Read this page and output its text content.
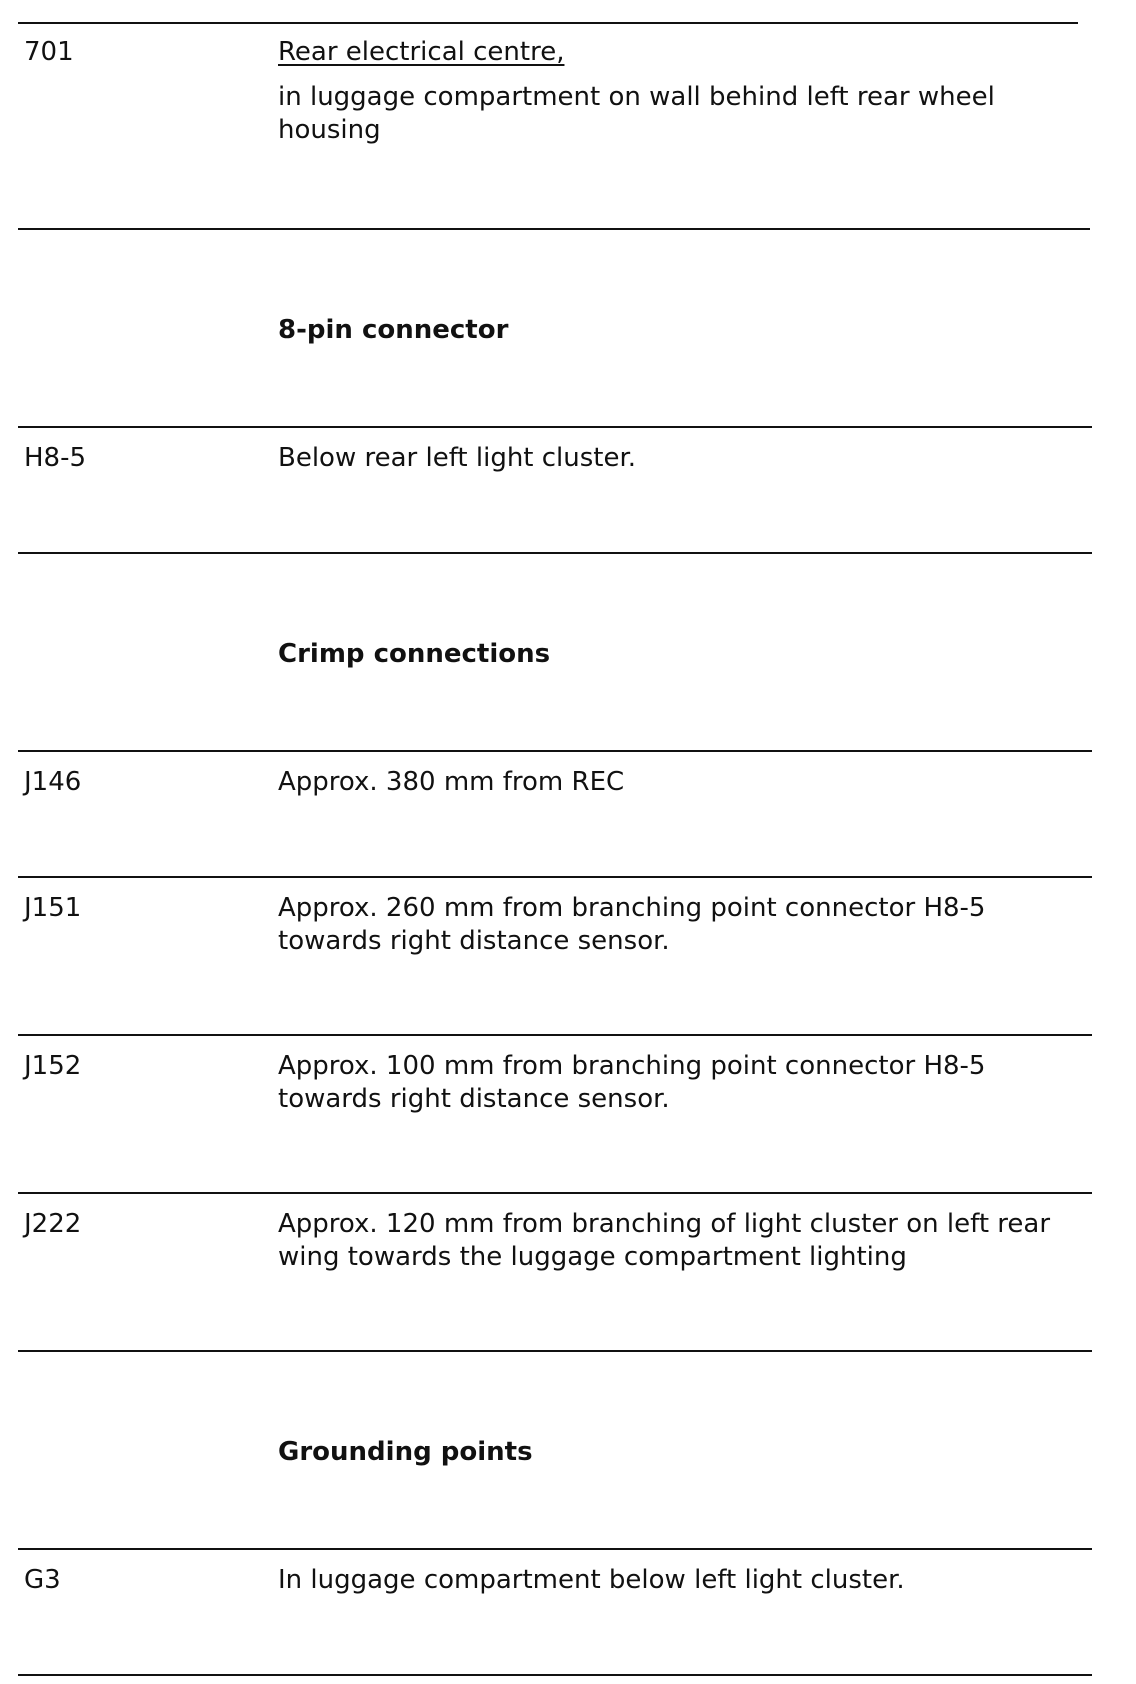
701	Rear electrical centre,

in luggage compartment on wall behind left rear wheel housing

8-pin connector
H8-5	Below rear left light cluster.
Crimp connections
J146	Approx. 380 mm from REC
J151	Approx. 260 mm from branching point connector H8-5 towards right distance sensor.
J152	Approx. 100 mm from branching point connector H8-5 towards right distance sensor.
J222	Approx. 120 mm from branching of light cluster on left rear wing towards the luggage compartment lighting
Grounding points
G3	In luggage compartment below left light cluster.
